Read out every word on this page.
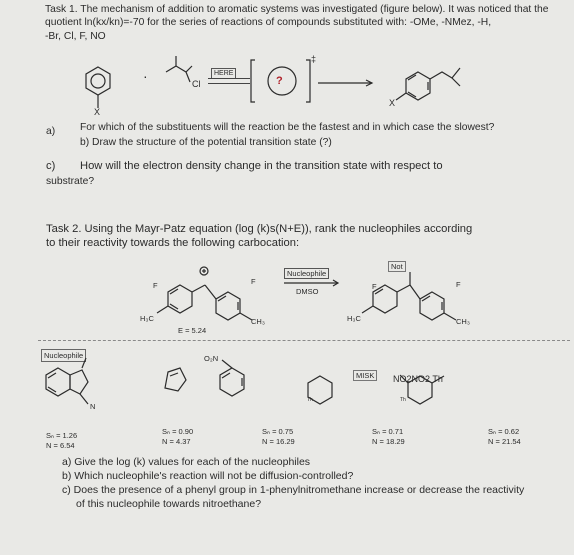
Task 1. The mechanism of addition to aromatic systems was investigated (figure below). It was noticed that the
quotient ln(kx/kn)=-70 for the series of reactions of compounds substituted with: -OMe, -NMez, -H,
-Br, Cl, F, NO
X
·	Cl
HERE
?
‡
X
a) For which of the substituents will the reaction be the fastest and in which case the slowest?
b) Draw the structure of the potential transition state (?)
c) How will the electron density change in the transition state with respect to
substrate?
Task 2. Using the Mayr-Patz equation (log (k)s(N+E)), rank the nucleophiles according
to their reactivity towards the following carbocation:
F
H₃C	CH₃
F
E = 5.24
Nucleophile
DMSO
Not
F	F
H₃C	CH₃
Nucleophile
N
O₂N
Th
MISK
Th
NO2NO2 Th
Sₙ = 1.26
N = 6.54
Sₙ = 0.90
N = 4.37
Sₙ = 0.75
N = 16.29
Sₙ = 0.71
N = 18.29
Sₙ = 0.62
N = 21.54
a) Give the log (k) values for each of the nucleophiles
b) Which nucleophile's reaction will not be diffusion-controlled?
c) Does the presence of a phenyl group in 1-phenylnitromethane increase or decrease the reactivity
of this nucleophile towards nitroethane?
